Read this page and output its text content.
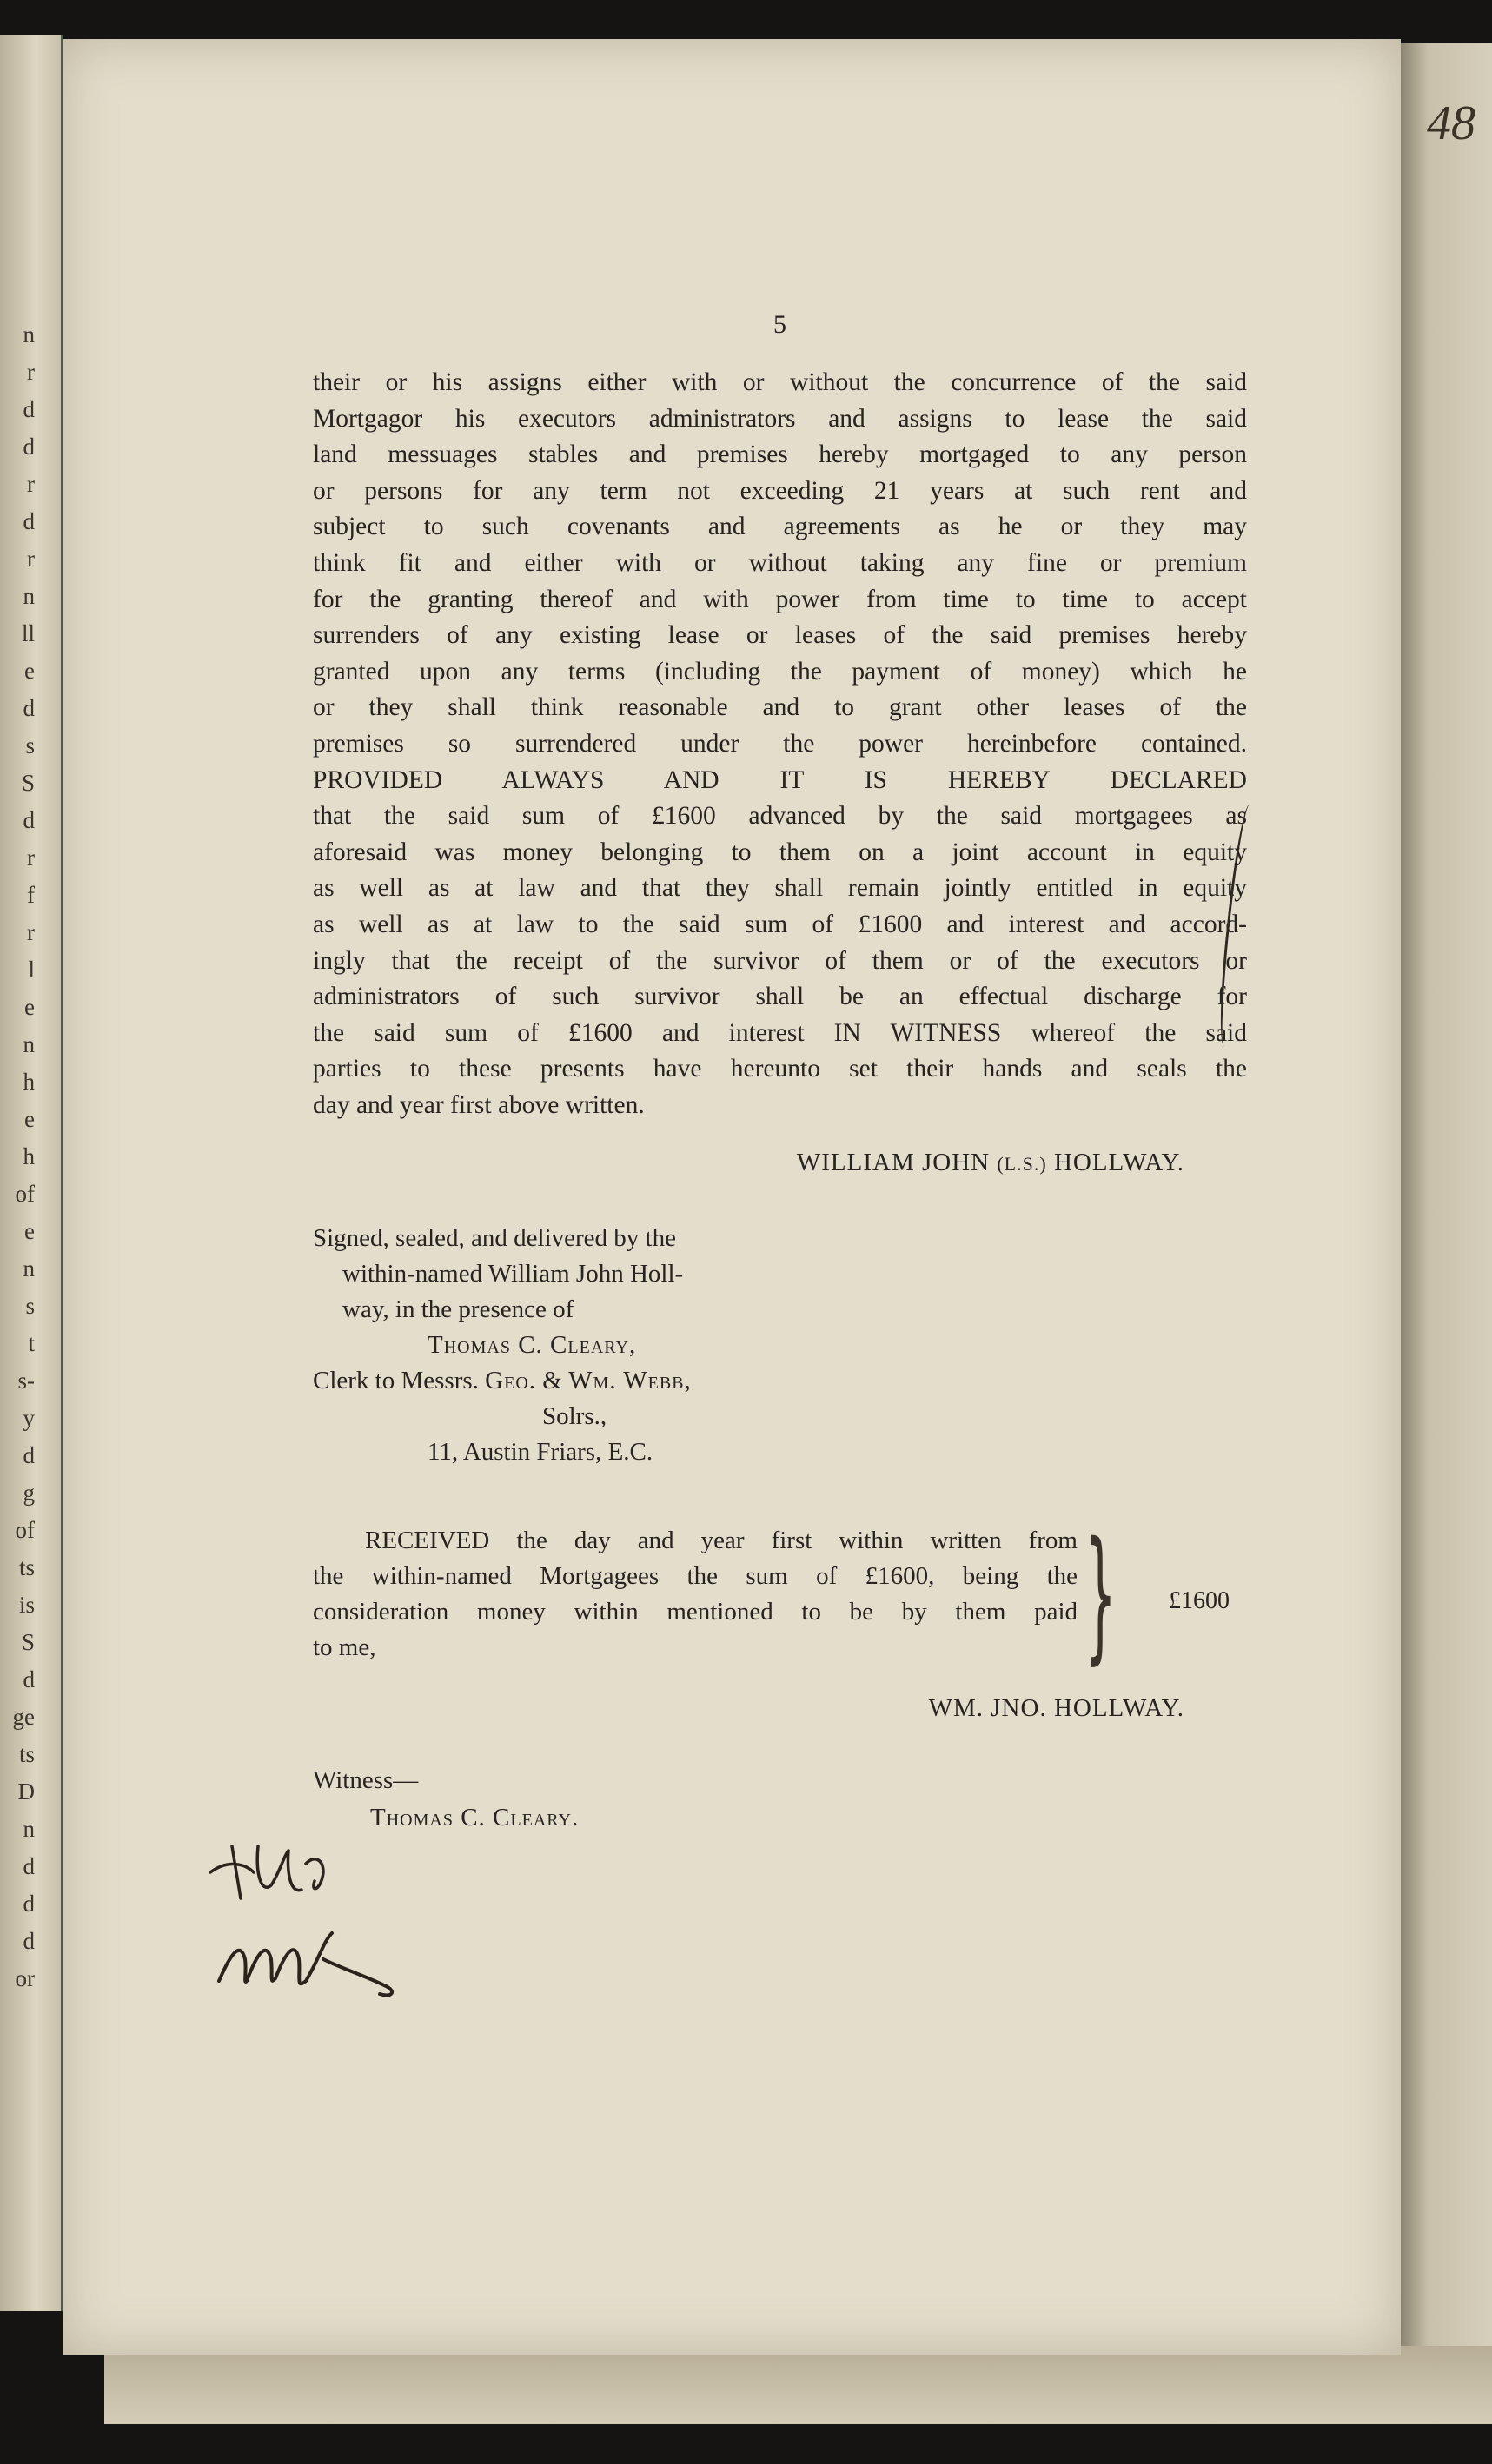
n
r
d
d
r
d
r
n
ll
e
d
s
S
d
r
f
r
l
e
n
h
e
h
of
e
n
s
t
s-
y
d
g
of
ts
is
S
d
ge
ts
D
n
d
d
d
or
48
5
their or his assigns either with or without the concurrence of the said
Mortgagor his executors administrators and assigns to lease the said
land messuages stables and premises hereby mortgaged to any person
or persons for any term not exceeding 21 years at such rent and
subject to such covenants and agreements as he or they may
think fit and either with or without taking any fine or premium
for the granting thereof and with power from time to time to accept
surrenders of any existing lease or leases of the said premises hereby
granted upon any terms (including the payment of money) which he
or they shall think reasonable and to grant other leases of the
premises so surrendered under the power hereinbefore contained.
PROVIDED ALWAYS AND IT IS HEREBY DECLARED
that the said sum of £1600 advanced by the said mortgagees as
aforesaid was money belonging to them on a joint account in equity
as well as at law and that they shall remain jointly entitled in equity
as well as at law to the said sum of £1600 and interest and accord-
ingly that the receipt of the survivor of them or of the executors or
administrators of such survivor shall be an effectual discharge for
the said sum of £1600 and interest IN WITNESS whereof the said
parties to these presents have hereunto set their hands and seals the
day and year first above written.
WILLIAM JOHN (L.S.) HOLLWAY.
Signed, sealed, and delivered by the
within-named William John Holl-
way, in the presence of
Thomas C. Cleary,
Clerk to Messrs. Geo. & Wm. Webb,
Solrs.,
11, Austin Friars, E.C.
RECEIVED the day and year first within written from
the within-named Mortgagees the sum of £1600, being the
consideration money within mentioned to be by them paid
to me,	} £1600
WM. JNO. HOLLWAY.
Witness—
Thomas C. Cleary.
